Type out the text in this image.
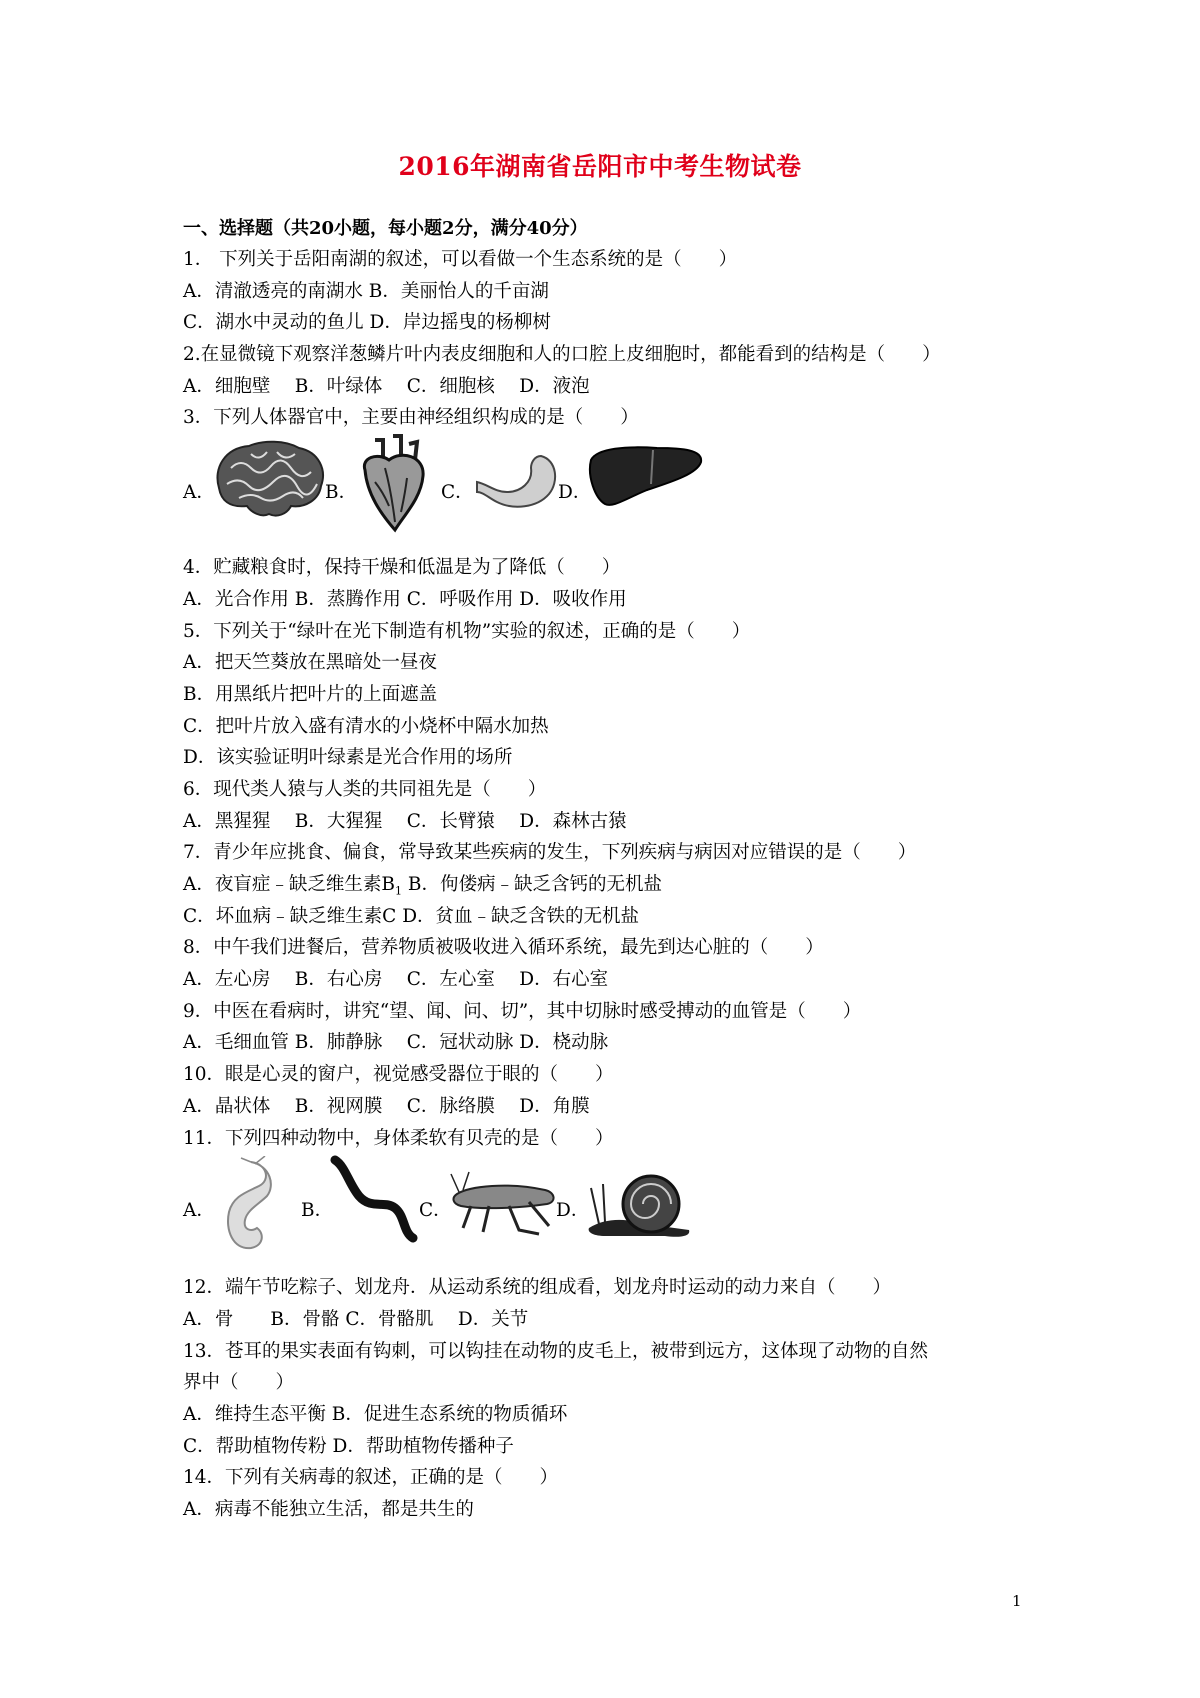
2016年湖南省岳阳市中考生物试卷
一、选择题（共20小题，每小题2分，满分40分）
1． 下列关于岳阳南湖的叙述，可以看做一个生态系统的是（　　）
A．清澈透亮的南湖水 B．美丽怡人的千亩湖
C．湖水中灵动的鱼儿 D．岸边摇曳的杨柳树
2.在显微镜下观察洋葱鳞片叶内表皮细胞和人的口腔上皮细胞时，都能看到的结构是（　　）
A．细胞壁　 B．叶绿体　 C．细胞核　 D．液泡
3．下列人体器官中，主要由神经组织构成的是（　　）
A．	B．	C．	D．
4．贮藏粮食时，保持干燥和低温是为了降低（　　）
A．光合作用 B．蒸腾作用 C．呼吸作用 D．吸收作用
5．下列关于“绿叶在光下制造有机物”实验的叙述，正确的是（　　）
A．把天竺葵放在黑暗处一昼夜
B．用黑纸片把叶片的上面遮盖
C．把叶片放入盛有清水的小烧杯中隔水加热
D．该实验证明叶绿素是光合作用的场所
6．现代类人猿与人类的共同祖先是（　　）
A．黑猩猩　 B．大猩猩　 C．长臂猿　 D．森林古猿
7．青少年应挑食、偏食，常导致某些疾病的发生，下列疾病与病因对应错误的是（　　）
A．夜盲症﹣缺乏维生素$B_1$ B．佝偻病﹣缺乏含钙的无机盐
C．坏血病﹣缺乏维生素C D．贫血﹣缺乏含铁的无机盐
8．中午我们进餐后，营养物质被吸收进入循环系统，最先到达心脏的（　　）
A．左心房　 B．右心房　 C．左心室　 D．右心室
9．中医在看病时，讲究“望、闻、问、切”，其中切脉时感受搏动的血管是（　　）
A．毛细血管 B．肺静脉　 C．冠状动脉 D．桡动脉
10．眼是心灵的窗户，视觉感受器位于眼的（　　）
A．晶状体　 B．视网膜　 C．脉络膜　 D．角膜
11．下列四种动物中，身体柔软有贝壳的是（　　）
A．	B．	C．	D．
12．端午节吃粽子、划龙舟．从运动系统的组成看，划龙舟时运动的动力来自（　　）
A．骨　　B．骨骼 C．骨骼肌　 D．关节
13．苍耳的果实表面有钩刺，可以钩挂在动物的皮毛上，被带到远方，这体现了动物的自然
界中（　　）
A．维持生态平衡 B．促进生态系统的物质循环
C．帮助植物传粉 D．帮助植物传播种子
14．下列有关病毒的叙述，正确的是（　　）
A．病毒不能独立生活，都是共生的
1
